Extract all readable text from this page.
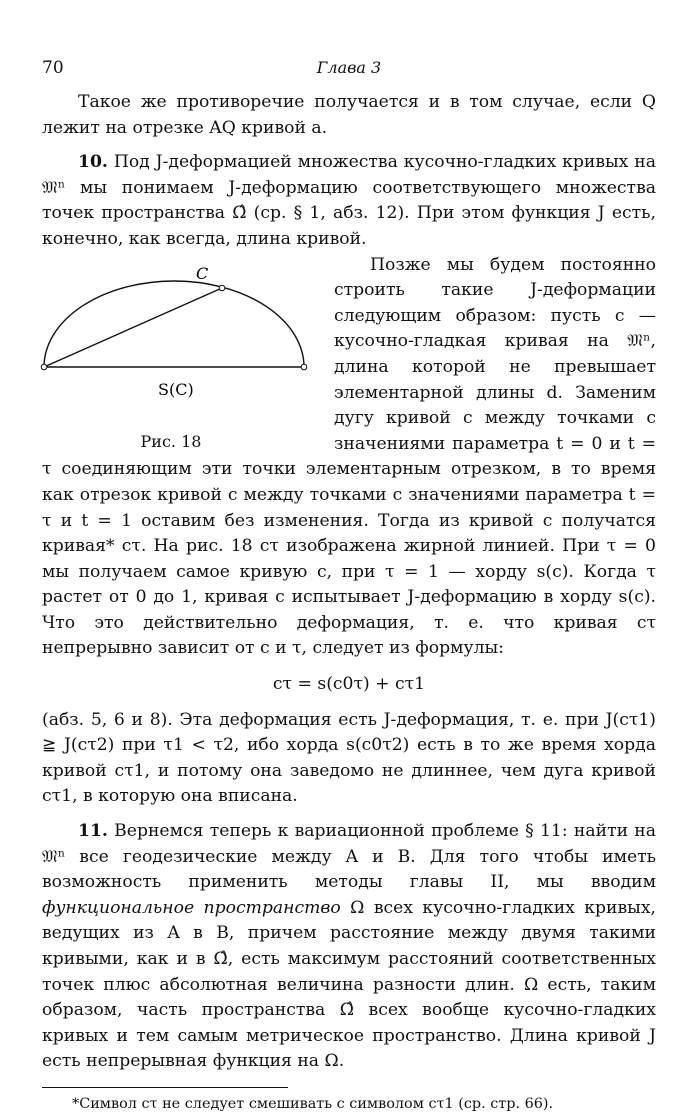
70	Глава 3

Такое же противоречие получается и в том случае, если Q лежит на отрезке AQ кривой a.

10. Под J-деформацией множества кусочно-гладких кривых на 𝔐ⁿ мы понимаем J-деформацию соответствующего множества точек пространства Ω̂ (ср. § 1, абз. 12). При этом функция J есть, конечно, как всегда, длина кривой.

C
S(C)
Рис. 18

Позже мы будем постоянно строить такие J-деформации следующим образом: пусть c — кусочно-гладкая кривая на 𝔐ⁿ, длина которой не превышает элементарной длины d. Заменим дугу кривой c между точками с значениями параметра t = 0 и t = τ соединяющим эти точки элементарным отрезком, в то время как отрезок кривой c между точками с значениями параметра t = τ и t = 1 оставим без изменения. Тогда из кривой c получатся кривая* cτ. На рис. 18 cτ изображена жирной линией. При τ = 0 мы получаем самое кривую c, при τ = 1 — хорду s(c). Когда τ растет от 0 до 1, кривая c испытывает J-деформацию в хорду s(c). Что это действительно деформация, т. е. что кривая cτ непрерывно зависит от c и τ, следует из формулы:

cτ = s(c0τ) + cτ1

(абз. 5, 6 и 8). Эта деформация есть J-деформация, т. е. при J(cτ1) ≧ J(cτ2) при τ1 < τ2, ибо хорда s(c0τ2) есть в то же время хорда кривой cτ1, и потому она заведомо не длиннее, чем дуга кривой cτ1, в которую она вписана.

11. Вернемся теперь к вариационной проблеме § 11: найти на 𝔐ⁿ все геодезические между A и B. Для того чтобы иметь возможность применить методы главы II, мы вводим функциональное пространство Ω всех кусочно-гладких кривых, ведущих из A в B, причем расстояние между двумя такими кривыми, как и в Ω̂, есть максимум расстояний соответственных точек плюс абсолютная величина разности длин. Ω есть, таким образом, часть пространства Ω̂ всех вообще кусочно-гладких кривых и тем самым метрическое пространство. Длина кривой J есть непрерывная функция на Ω.

*Символ cτ не следует смешивать с символом cτ1 (ср. стр. 66).
